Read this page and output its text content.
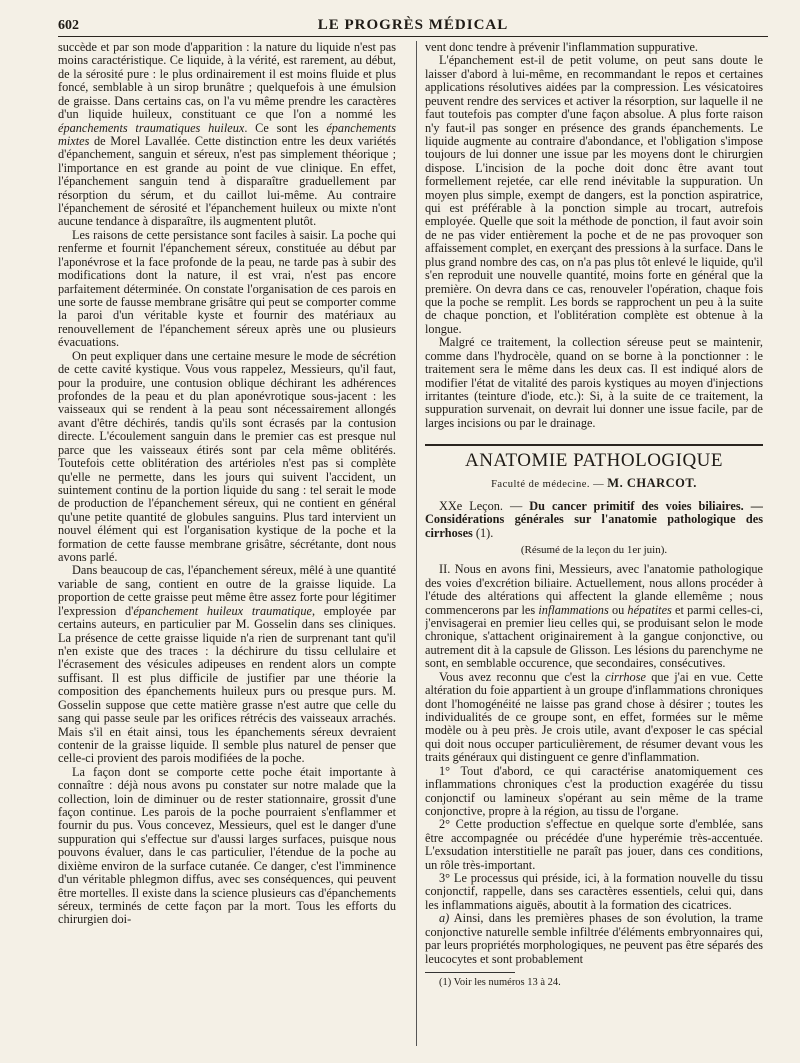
602	LE PROGRÈS MÉDICAL

succède et par son mode d'apparition : la nature du liquide n'est pas moins caractéristique. Ce liquide, à la vérité, est rarement, au début, de la sérosité pure : le plus ordinairement il est moins fluide et plus foncé, semblable à un sirop brunâtre ; quelquefois à une émulsion de graisse. Dans certains cas, on l'a vu même prendre les caractères d'un liquide huileux, constituant ce que l'on a nommé les épanchements traumatiques huileux. Ce sont les épanchements mixtes de Morel Lavallée. Cette distinction entre les deux variétés d'épanchement, sanguin et séreux, n'est pas simplement théorique ; l'importance en est grande au point de vue clinique. En effet, l'épanchement sanguin tend à disparaître graduellement par résorption du sérum, et du caillot lui-même. Au contraire l'épanchement de sérosité et l'épanchement huileux ou mixte n'ont aucune tendance à disparaître, ils augmentent plutôt.

Les raisons de cette persistance sont faciles à saisir. La poche qui renferme et fournit l'épanchement séreux, constituée au début par l'aponévrose et la face profonde de la peau, ne tarde pas à subir des modifications dont la nature, il est vrai, n'est pas encore parfaitement déterminée. On constate l'organisation de ces parois en une sorte de fausse membrane grisâtre qui peut se comporter comme la paroi d'un véritable kyste et fournir des matériaux au renouvellement de l'épanchement séreux après une ou plusieurs évacuations.

On peut expliquer dans une certaine mesure le mode de sécrétion de cette cavité kystique. Vous vous rappelez, Messieurs, qu'il faut, pour la produire, une contusion oblique déchirant les adhérences profondes de la peau et du plan aponévrotique sous-jacent : les vaisseaux qui se rendent à la peau sont nécessairement allongés avant d'être déchirés, tandis qu'ils sont écrasés par la contusion directe. L'écoulement sanguin dans le premier cas est presque nul parce que les vaisseaux étirés sont par cela même oblitérés. Toutefois cette oblitération des artérioles n'est pas si complète qu'elle ne permette, dans les jours qui suivent l'accident, un suintement continu de la portion liquide du sang : tel serait le mode de production de l'épanchement séreux, qui ne contient en général qu'une petite quantité de globules sanguins. Plus tard intervient un nouvel élément qui est l'organisation kystique de la poche et la formation de cette fausse membrane grisâtre, sécrétante, dont nous avons parlé.

Dans beaucoup de cas, l'épanchement séreux, mêlé à une quantité variable de sang, contient en outre de la graisse liquide. La proportion de cette graisse peut même être assez forte pour légitimer l'expression d'épanchement huileux traumatique, employée par certains auteurs, en particulier par M. Gosselin dans ses cliniques. La présence de cette graisse liquide n'a rien de surprenant tant qu'il n'en existe que des traces : la déchirure du tissu cellulaire et l'écrasement des vésicules adipeuses en rendent alors un compte suffisant. Il est plus difficile de justifier par une théorie la composition des épanchements huileux purs ou presque purs. M. Gosselin suppose que cette matière grasse n'est autre que celle du sang qui passe seule par les orifices rétrécis des vaisseaux arrachés. Mais s'il en était ainsi, tous les épanchements séreux devraient contenir de la graisse liquide. Il semble plus naturel de penser que celle-ci provient des parois modifiées de la poche.

La façon dont se comporte cette poche était importante à connaître : déjà nous avons pu constater sur notre malade que la collection, loin de diminuer ou de rester stationnaire, grossit d'une façon continue. Les parois de la poche pourraient s'enflammer et fournir du pus. Vous concevez, Messieurs, quel est le danger d'une suppuration qui s'effectue sur d'aussi larges surfaces, puisque nous pouvons évaluer, dans le cas particulier, l'étendue de la poche au dixième environ de la surface cutanée. Ce danger, c'est l'imminence d'un véritable phlegmon diffus, avec ses conséquences, qui peuvent être mortelles. Il existe dans la science plusieurs cas d'épanchements séreux, terminés de cette façon par la mort. Tous les efforts du chirurgien doi-

vent donc tendre à prévenir l'inflammation suppurative.

L'épanchement est-il de petit volume, on peut sans doute le laisser d'abord à lui-même, en recommandant le repos et certaines applications résolutives aidées par la compression. Les vésicatoires peuvent rendre des services et activer la résorption, sur laquelle il ne faut toutefois pas compter d'une façon absolue. A plus forte raison n'y faut-il pas songer en présence des grands épanchements. Le liquide augmente au contraire d'abondance, et l'obligation s'impose toujours de lui donner une issue par les moyens dont le chirurgien dispose. L'incision de la poche doit donc être avant tout formellement rejetée, car elle rend inévitable la suppuration. Un moyen plus simple, exempt de dangers, est la ponction aspiratrice, qui est préférable à la ponction simple au trocart, autrefois employée. Quelle que soit la méthode de ponction, il faut avoir soin de ne pas vider entièrement la poche et de ne pas provoquer son affaissement complet, en exerçant des pressions à la surface. Dans le plus grand nombre des cas, on n'a pas plus tôt enlevé le liquide, qu'il s'en reproduit une nouvelle quantité, moins forte en général que la première. On devra dans ce cas, renouveler l'opération, chaque fois que la poche se remplit. Les bords se rapprochent un peu à la suite de chaque ponction, et l'oblitération complète est obtenue à la longue.

Malgré ce traitement, la collection séreuse peut se maintenir, comme dans l'hydrocèle, quand on se borne à la ponctionner : le traitement sera le même dans les deux cas. Il est indiqué alors de modifier l'état de vitalité des parois kystiques au moyen d'injections irritantes (teinture d'iode, etc.): Si, à la suite de ce traitement, la suppuration survenait, on devrait lui donner une issue facile, par de larges incisions ou par le drainage.

ANATOMIE PATHOLOGIQUE
Faculté de médecine. — M. CHARCOT.

XXe Leçon. — Du cancer primitif des voies biliaires. — Considérations générales sur l'anatomie pathologique des cirrhoses (1).

(Résumé de la leçon du 1er juin).

II. Nous en avons fini, Messieurs, avec l'anatomie pathologique des voies d'excrétion biliaire. Actuellement, nous allons procéder à l'étude des altérations qui affectent la glande ellemême ; nous commencerons par les inflammations ou hépatites et parmi celles-ci, j'envisagerai en premier lieu celles qui, se produisant selon le mode chronique, s'attachent originairement à la gangue conjonctive, ou autrement dit à la capsule de Glisson. Les lésions du parenchyme ne sont, en semblable occurence, que secondaires, consécutives.

Vous avez reconnu que c'est la cirrhose que j'ai en vue. Cette altération du foie appartient à un groupe d'inflammations chroniques dont l'homogénéité ne laisse pas grand chose à désirer ; toutes les individualités de ce groupe sont, en effet, formées sur le même modèle ou à peu près. Je crois utile, avant d'exposer le cas spécial qui doit nous occuper particulièrement, de résumer devant vous les traits généraux qui distinguent ce genre d'inflammation.

1° Tout d'abord, ce qui caractérise anatomiquement ces inflammations chroniques c'est la production exagérée du tissu conjonctif ou lamineux s'opérant au sein même de la trame conjonctive, propre à la région, au tissu de l'organe.

2° Cette production s'effectue en quelque sorte d'emblée, sans être accompagnée ou précédée d'une hyperémie très-accentuée. L'exsudation interstitielle ne paraît pas jouer, dans ces conditions, un rôle très-important.

3° Le processus qui préside, ici, à la formation nouvelle du tissu conjonctif, rappelle, dans ses caractères essentiels, celui qui, dans les inflammations aiguës, aboutit à la formation des cicatrices.

a) Ainsi, dans les premières phases de son évolution, la trame conjonctive naturelle semble infiltrée d'éléments embryonnaires qui, par leurs propriétés morphologiques, ne peuvent pas être séparés des leucocytes et sont probablement

(1) Voir les numéros 13 à 24.
